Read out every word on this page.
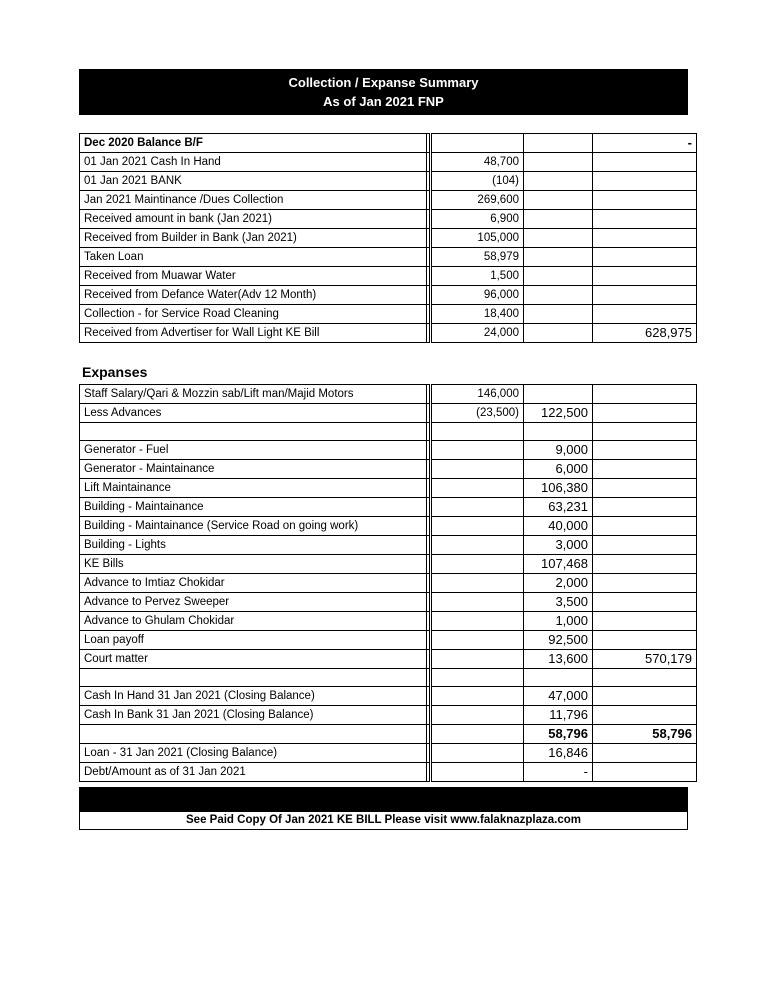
Collection / Expanse Summary
As of Jan 2021 FNP
Dec 2020 Balance B/F				-
01 Jan 2021 Cash In Hand		48,700		
01 Jan 2021 BANK		(104)		
Jan 2021 Maintinance /Dues Collection		269,600		
Received amount in bank (Jan 2021)		6,900		
Received from Builder in Bank (Jan 2021)		105,000		
Taken Loan		58,979		
Received from Muawar Water		1,500		
Received from Defance Water(Adv 12 Month)		96,000		
Collection - for Service Road Cleaning		18,400		
Received from Advertiser for Wall Light KE Bill		24,000		628,975
Expanses
Staff Salary/Qari & Mozzin sab/Lift man/Majid Motors		146,000		
Less Advances		(23,500)	122,500	

Generator - Fuel			9,000	
Generator - Maintainance			6,000	
Lift Maintainance			106,380	
Building - Maintainance			63,231	
Building - Maintainance (Service Road on going work)			40,000	
Building - Lights			3,000	
KE Bills			107,468	
Advance to Imtiaz Chokidar			2,000	
Advance to Pervez Sweeper			3,500	
Advance to Ghulam Chokidar			1,000	
Loan payoff			92,500	
Court matter			13,600	570,179

Cash In Hand 31 Jan 2021 (Closing Balance)			47,000	
Cash In Bank 31 Jan 2021 (Closing Balance)			11,796	
			58,796	58,796
Loan - 31 Jan 2021 (Closing Balance)			16,846	
Debt/Amount as of 31 Jan 2021			-	
See Paid Copy Of Jan 2021 KE BILL Please visit www.falaknazplaza.com
